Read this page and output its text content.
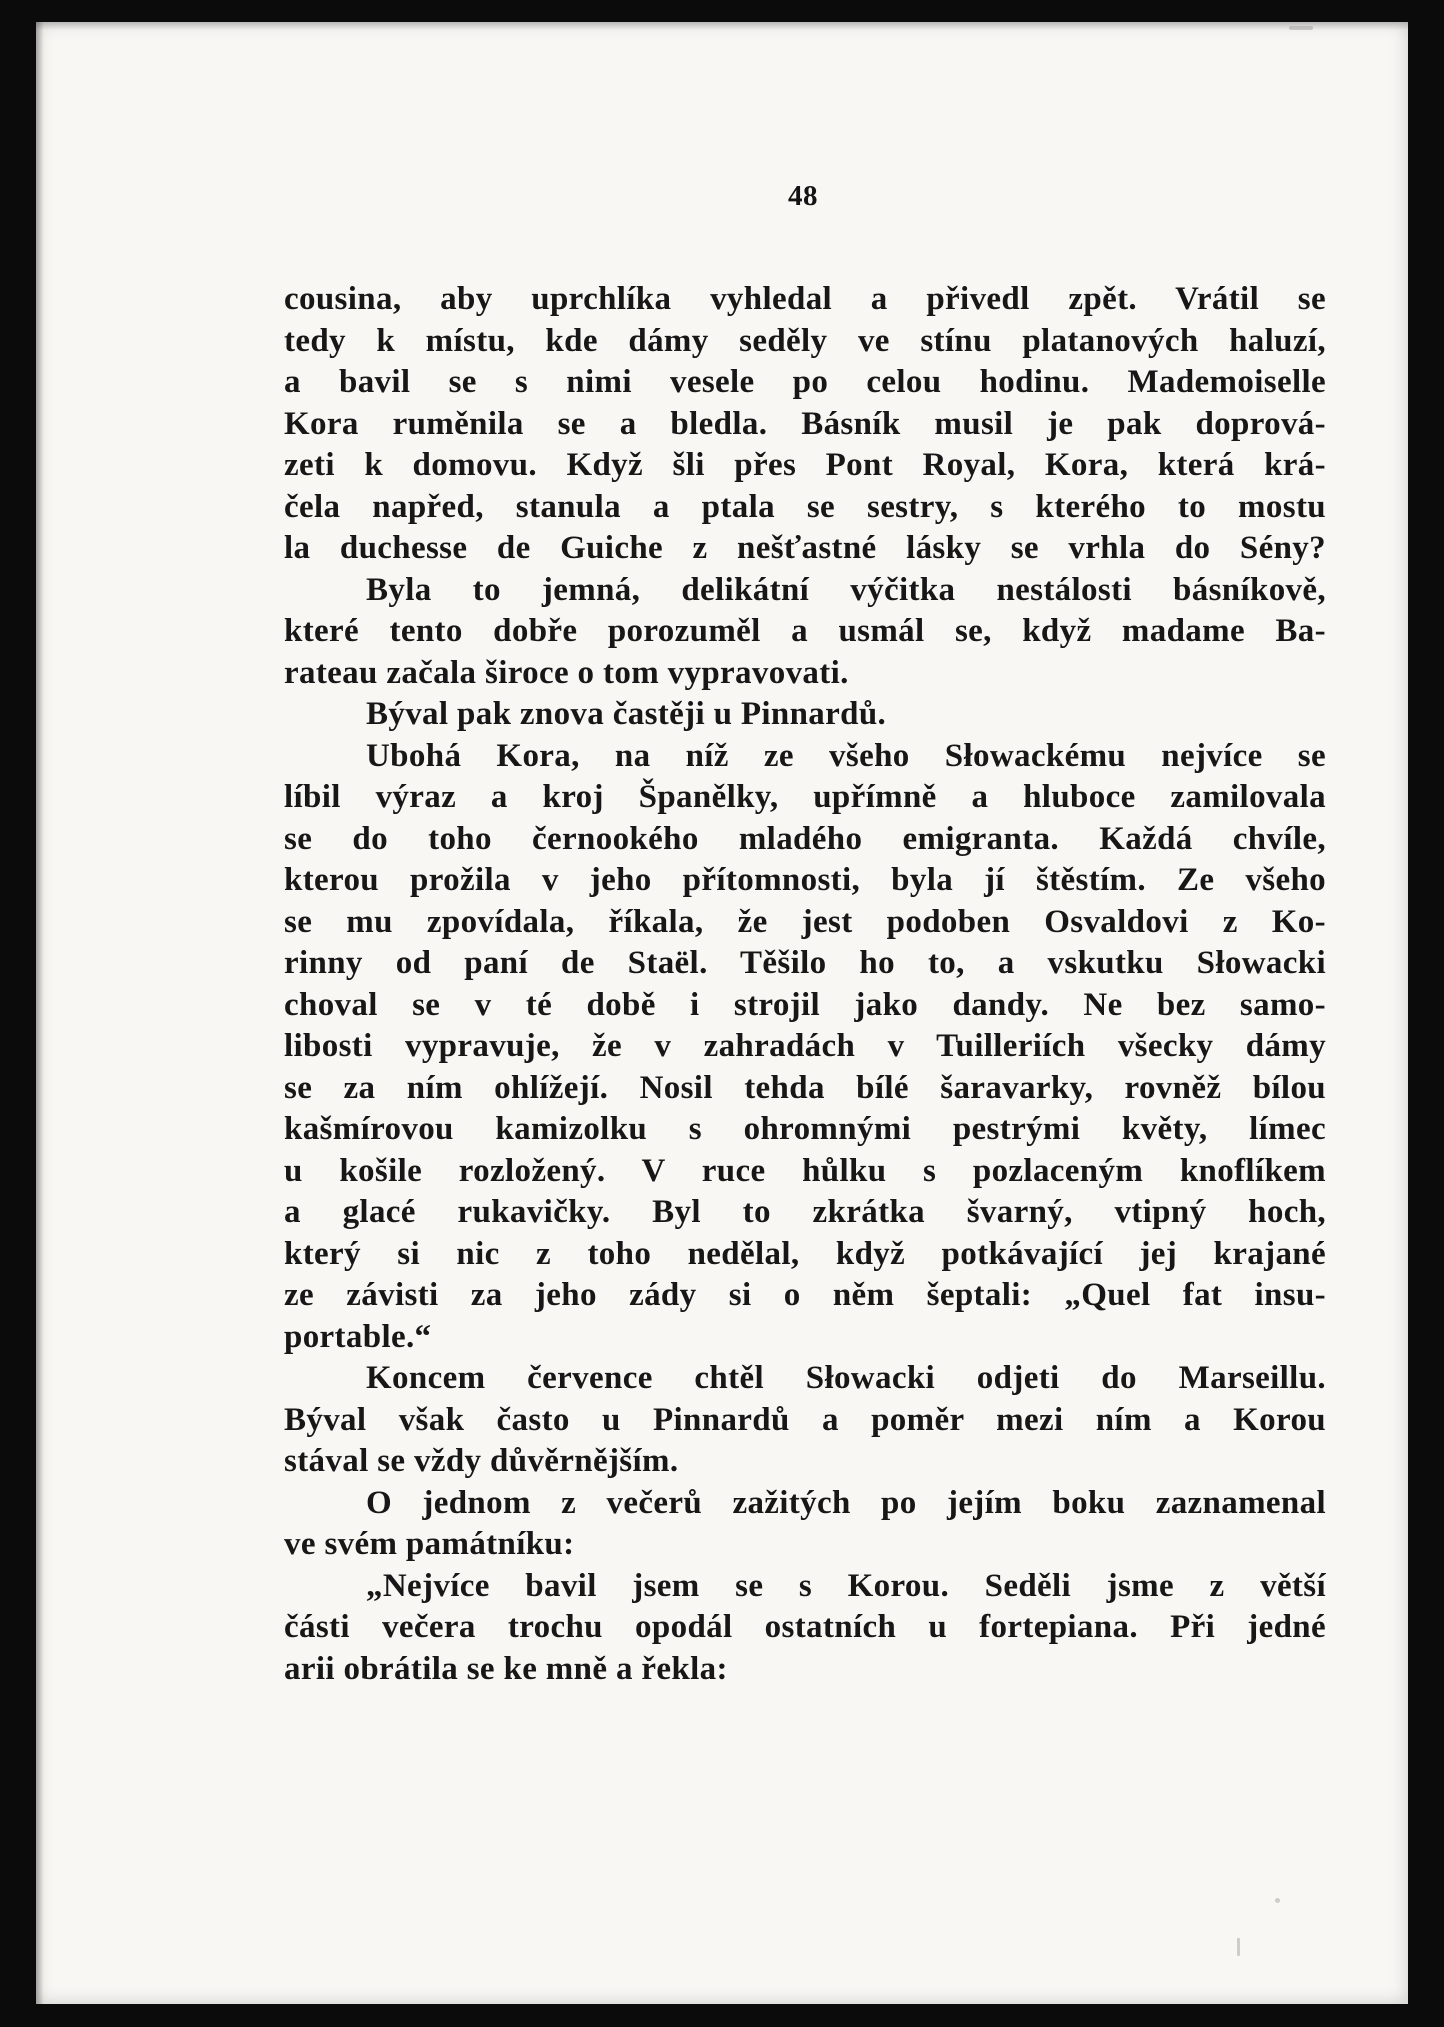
48
cousina, aby uprchlíka vyhledal a přivedl zpět. Vrátil se
tedy k místu, kde dámy seděly ve stínu platanových haluzí,
a bavil se s nimi vesele po celou hodinu. Mademoiselle
Kora ruměnila se a bledla. Básník musil je pak doprová-
zeti k domovu. Když šli přes Pont Royal, Kora, která krá-
čela napřed, stanula a ptala se sestry, s kterého to mostu
la duchesse de Guiche z nešťastné lásky se vrhla do Sény?
Byla to jemná, delikátní výčitka nestálosti básníkově,
které tento dobře porozuměl a usmál se, když madame Ba-
rateau začala široce o tom vypravovati.
Býval pak znova častěji u Pinnardů.
Ubohá Kora, na níž ze všeho Słowackému nejvíce se
líbil výraz a kroj Španělky, upřímně a hluboce zamilovala
se do toho černookého mladého emigranta. Každá chvíle,
kterou prožila v jeho přítomnosti, byla jí štěstím. Ze všeho
se mu zpovídala, říkala, že jest podoben Osvaldovi z Ko-
rinny od paní de Staël. Těšilo ho to, a vskutku Słowacki
choval se v té době i strojil jako dandy. Ne bez samo-
libosti vypravuje, že v zahradách v Tuilleriích všecky dámy
se za ním ohlížejí. Nosil tehda bílé šaravarky, rovněž bílou
kašmírovou kamizolku s ohromnými pestrými květy, límec
u košile rozložený. V ruce hůlku s pozlaceným knoflíkem
a glacé rukavičky. Byl to zkrátka švarný, vtipný hoch,
který si nic z toho nedělal, když potkávající jej krajané
ze závisti za jeho zády si o něm šeptali: „Quel fat insu-
portable.“
Koncem července chtěl Słowacki odjeti do Marseillu.
Býval však často u Pinnardů a poměr mezi ním a Korou
stával se vždy důvěrnějším.
O jednom z večerů zažitých po jejím boku zaznamenal
ve svém památníku:
„Nejvíce bavil jsem se s Korou. Seděli jsme z větší
části večera trochu opodál ostatních u fortepiana. Při jedné
arii obrátila se ke mně a řekla:
